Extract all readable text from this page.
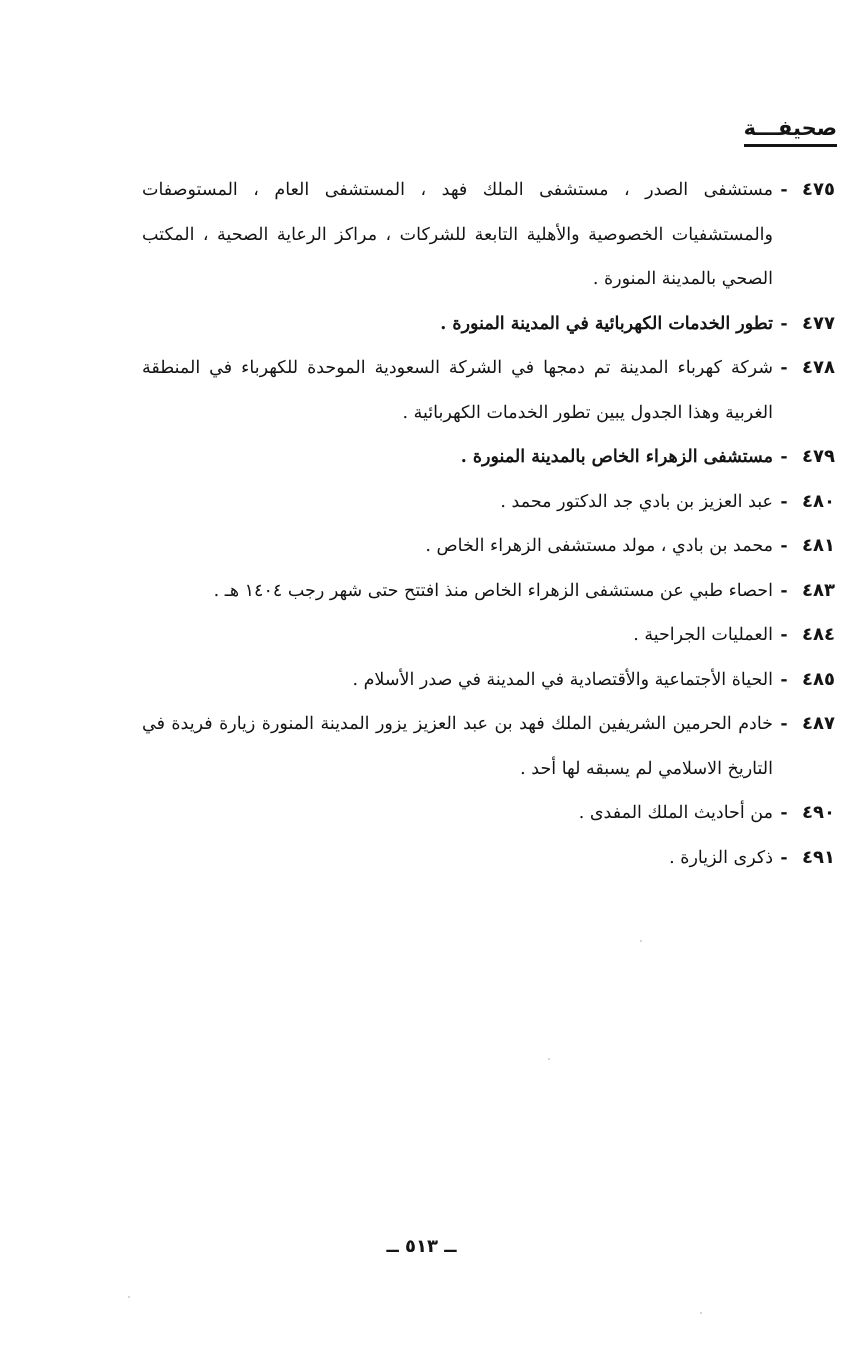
صحيفـــة
٤٧٥
-
مستشفى الصدر ، مستشفى الملك فهد ، المستشفى العام ، المستوصفات والمستشفيات الخصوصية والأهلية التابعة للشركات ، مراكز الرعاية الصحية ، المكتب الصحي بالمدينة المنورة .
٤٧٧
-
تطور الخدمات الكهربائية في المدينة المنورة .
٤٧٨
-
شركة كهرباء المدينة تم دمجها في الشركة السعودية الموحدة للكهرباء في المنطقة الغربية وهذا الجدول يبين تطور الخدمات الكهربائية .
٤٧٩
-
مستشفى الزهراء الخاص بالمدينة المنورة .
٤٨٠
-
عبد العزيز بن بادي جد الدكتور محمد .
٤٨١
-
محمد بن بادي ، مولد مستشفى الزهراء الخاص .
٤٨٣
-
احصاء طبي عن مستشفى الزهراء الخاص منذ افتتح حتى شهر رجب ١٤٠٤ هـ .
٤٨٤
-
العمليات الجراحية .
٤٨٥
-
الحياة الأجتماعية والأقتصادية في المدينة في صدر الأسلام .
٤٨٧
-
خادم الحرمين الشريفين الملك فهد بن عبد العزيز يزور المدينة المنورة زيارة فريدة في التاريخ الاسلامي لم يسبقه لها أحد .
٤٩٠
-
من أحاديث الملك المفدى .
٤٩١
-
ذكرى الزيارة .
ــ ٥١٣ ــ
